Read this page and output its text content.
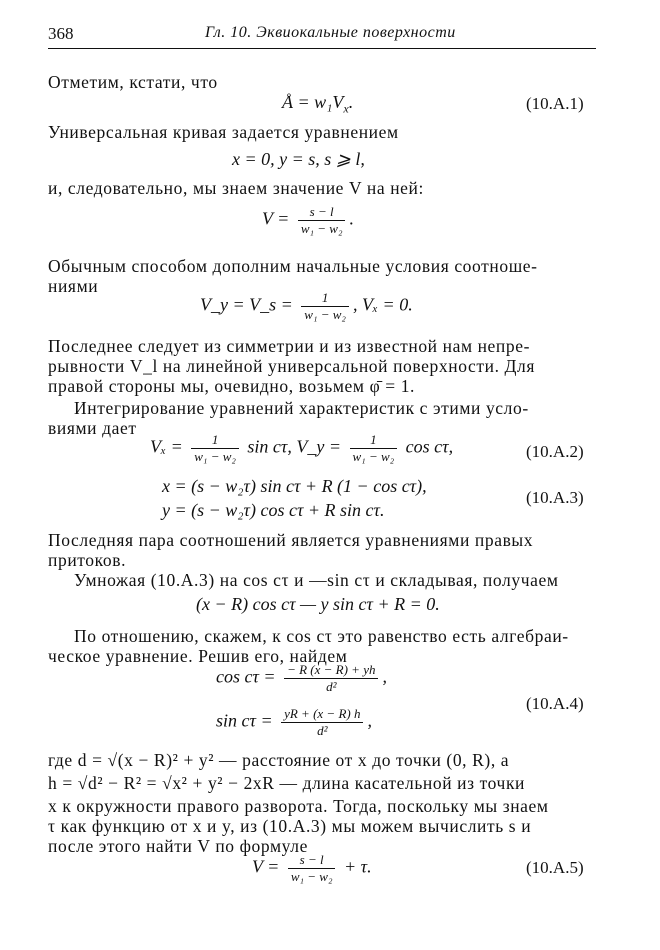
368	Гл. 10. Эквиокальные поверхности
Отметим, кстати, что
Å = $w_1V_x$.	(10.A.1)
Универсальная кривая задается уравнением
x = 0, y = s, s ⩾ l,
и, следовательно, мы знаем значение V на ней:
$V = \frac{s - l}{\text{w₁ − w₂}}$ .
Обычным способом дополним начальные условия соотноше-
ниями
V_y = V_s = $\frac{1}{\text{w₁ − w₂}}$ , Vₓ = 0.
Последнее следует из симметрии и из известной нам непре-
рывности V_l на линейной универсальной поверхности. Для
правой стороны мы, очевидно, возьмем φ̄ = 1.
Интегрирование уравнений характеристик с этими усло-
виями дает
$V_x = \frac{1}{\text{w₁ − w₂}}$ sin cτ, V_y = $\frac{1}{\text{w₁ − w₂}}$ cos cτ,	(10.A.2)
x = (s − w₂τ) sin cτ + R (1 − cos cτ),
y = (s − w₂τ) cos cτ + R sin cτ.
(10.A.3)
Последняя пара соотношений является уравнениями правых
притоков.
Умножая (10.A.3) на cos cτ и —sin cτ и складывая, получаем
(x − R) cos cτ — y sin cτ + R = 0.
По отношению, скажем, к cos cτ это равенство есть алгебраи-
ческое уравнение. Решив его, найдем
$\cos c\tau = \frac{- R (x - R) + yh}{\text{d²}}$ ,
$\sin c\tau = \frac{yR + (x - R) h}{\text{d²}}$ ,
(10.A.4)
где d = √(x − R)² + y² — расстояние от x до точки (0, R), а
h = √d² − R² = √x² + y² − 2xR — длина касательной из точки
x к окружности правого разворота. Тогда, поскольку мы знаем
τ как функцию от x и y, из (10.A.3) мы можем вычислить s и
после этого найти V по формуле
$V = \frac{s - l}{\text{w₁ − w₂}} + \tau$.	(10.A.5)
